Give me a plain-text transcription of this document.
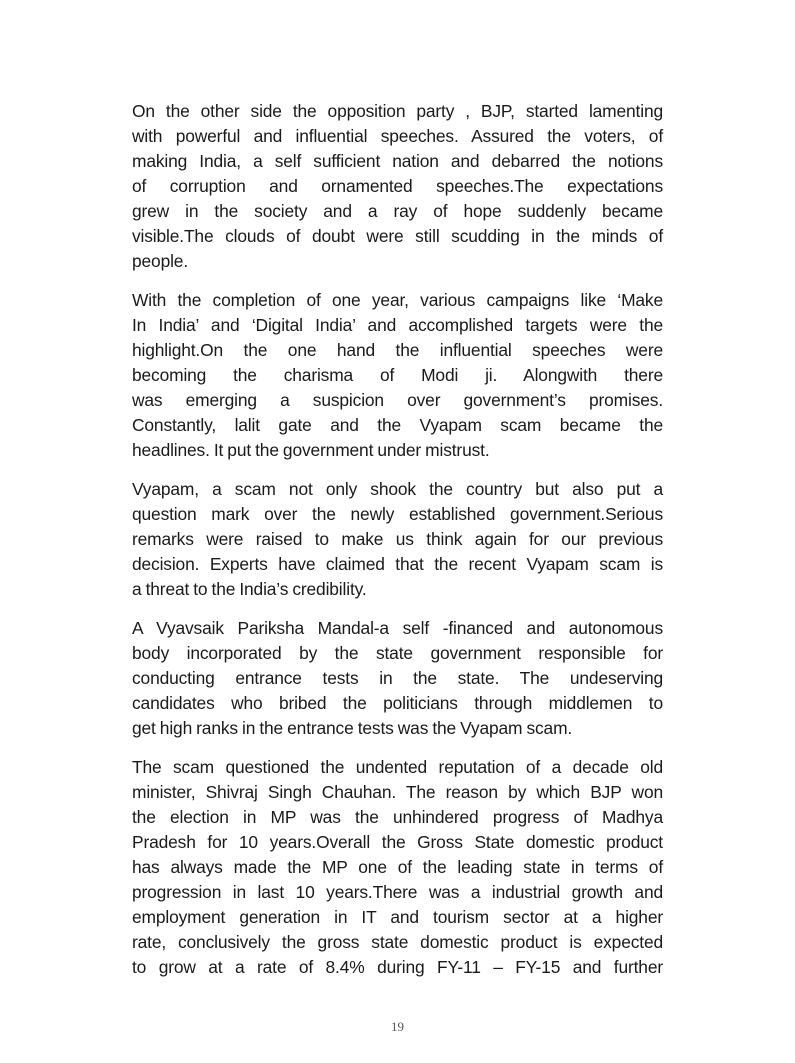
On the other side the opposition party , BJP, started lamenting
with powerful and influential speeches. Assured the voters, of
making India, a self sufficient nation and debarred the notions
of corruption and ornamented speeches.The expectations
grew in the society and a ray of hope suddenly became
visible.The clouds of doubt were still scudding in the minds of
people.

With the completion of one year, various campaigns like ‘Make
In India’ and ‘Digital India’ and accomplished targets were the
highlight.On the one hand the influential speeches were
becoming the charisma of Modi ji. Alongwith there
was emerging a suspicion over government’s promises.
Constantly, lalit gate and the Vyapam scam became the
headlines. It put the government under mistrust.

Vyapam, a scam not only shook the country but also put a
question mark over the newly established government.Serious
remarks were raised to make us think again for our previous
decision. Experts have claimed that the recent Vyapam scam is
a threat to the India’s credibility.

A Vyavsaik Pariksha Mandal-a self -financed and autonomous
body incorporated by the state government responsible for
conducting entrance tests in the state. The undeserving
candidates who bribed the politicians through middlemen to
get high ranks in the entrance tests was the Vyapam scam.

The scam questioned the undented reputation of a decade old
minister, Shivraj Singh Chauhan. The reason by which BJP won
the election in MP was the unhindered progress of Madhya
Pradesh for 10 years.Overall the Gross State domestic product
has always made the MP one of the leading state in terms of
progression in last 10 years.There was a industrial growth and
employment generation in IT and tourism sector at a higher
rate, conclusively the gross state domestic product is expected
to grow at a rate of 8.4% during FY-11 – FY-15 and further

19
